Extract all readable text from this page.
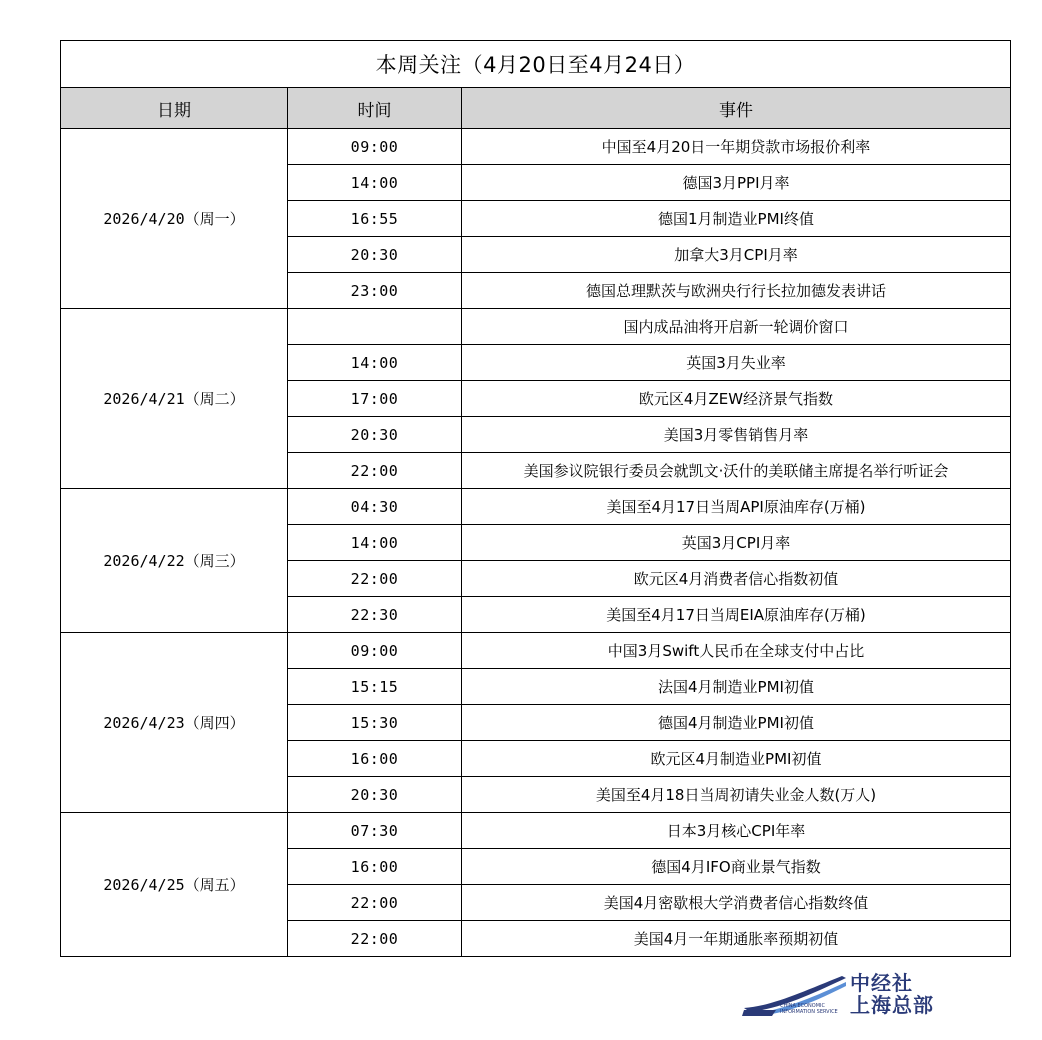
本周关注（4月20日至4月24日）		
日期	时间	事件
2026/4/20（周一）	09:00	中国至4月20日一年期贷款市场报价利率
	14:00	德国3月PPI月率
	16:55	德国1月制造业PMI终值
	20:30	加拿大3月CPI月率
	23:00	德国总理默茨与欧洲央行行长拉加德发表讲话
2026/4/21（周二）		国内成品油将开启新一轮调价窗口
	14:00	英国3月失业率
	17:00	欧元区4月ZEW经济景气指数
	20:30	美国3月零售销售月率
	22:00	美国参议院银行委员会就凯文·沃什的美联储主席提名举行听证会
2026/4/22（周三）	04:30	美国至4月17日当周API原油库存(万桶)
	14:00	英国3月CPI月率
	22:00	欧元区4月消费者信心指数初值
	22:30	美国至4月17日当周EIA原油库存(万桶)
2026/4/23（周四）	09:00	中国3月Swift人民币在全球支付中占比
	15:15	法国4月制造业PMI初值
	15:30	德国4月制造业PMI初值
	16:00	欧元区4月制造业PMI初值
	20:30	美国至4月18日当周初请失业金人数(万人)
2026/4/25（周五）	07:30	日本3月核心CPI年率
	16:00	德国4月IFO商业景气指数
	22:00	美国4月密歇根大学消费者信心指数终值
	22:00	美国4月一年期通胀率预期初值
CHINA ECONOMIC INFORMATION SERVICE
中经社
上海总部
